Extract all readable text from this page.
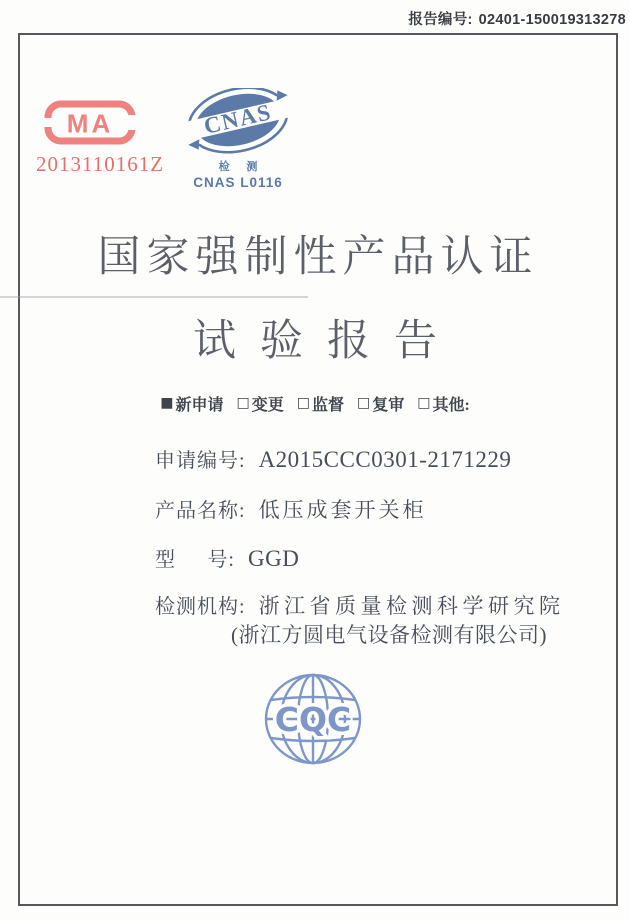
报告编号: 02401-150019313278
MA
2013110161Z
CNAS
检 测
CNAS L0116
国家强制性产品认证
试验报告
■ 新申请 □ 变更 □ 监督 □ 复审 □ 其他:
申请编号: A2015CCC0301-2171229
产品名称: 低压成套开关柜
型 号: GGD
检测机构: 浙江省质量检测科学研究院
(浙江方圆电气设备检测有限公司)
CQC
